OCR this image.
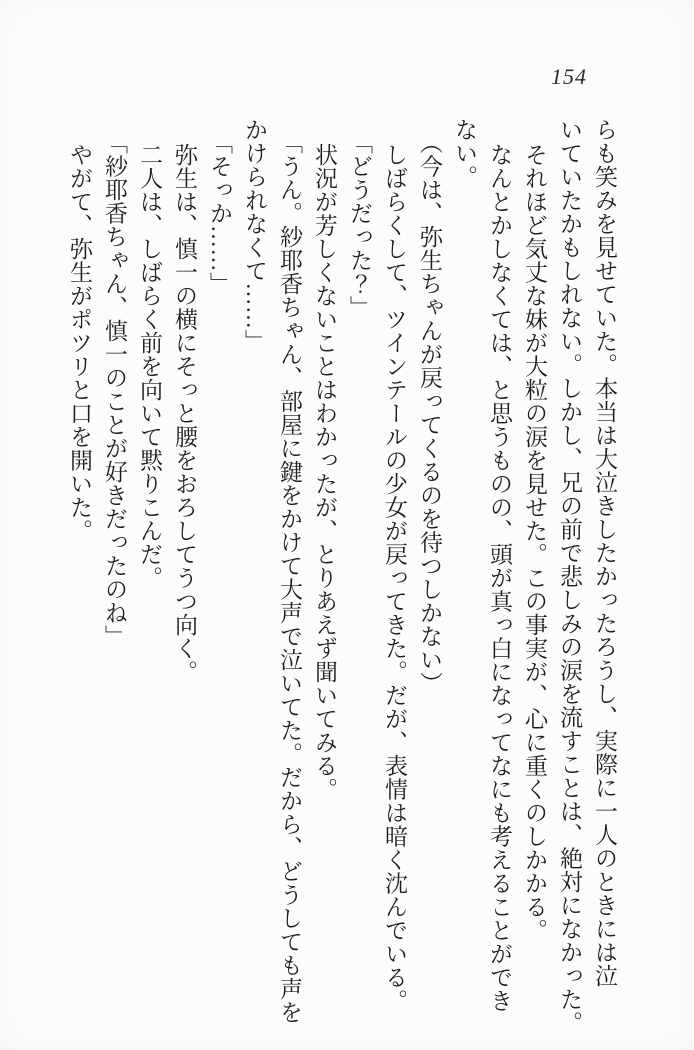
154
らも笑みを見せていた。本当は大泣きしたかったろうし、実際に一人のときには泣
いていたかもしれない。しかし、兄の前で悲しみの涙を流すことは、絶対になかった。
それほど気丈な妹が大粒の涙を見せた。この事実が、心に重くのしかかる。
なんとかしなくては、と思うものの、頭が真っ白になってなにも考えることができ
ない。
（今は、弥生ちゃんが戻ってくるのを待つしかない）
しばらくして、ツインテールの少女が戻ってきた。だが、表情は暗く沈んでいる。
「どうだった？」
状況が芳しくないことはわかったが、とりあえず聞いてみる。
「うん。紗耶香ちゃん、部屋に鍵をかけて大声で泣いてた。だから、どうしても声を
かけられなくて……」
「そっか……」
弥生は、慎一の横にそっと腰をおろしてうつ向く。
二人は、しばらく前を向いて黙りこんだ。
「紗耶香ちゃん、慎一のことが好きだったのね」
やがて、弥生がポツリと口を開いた。
